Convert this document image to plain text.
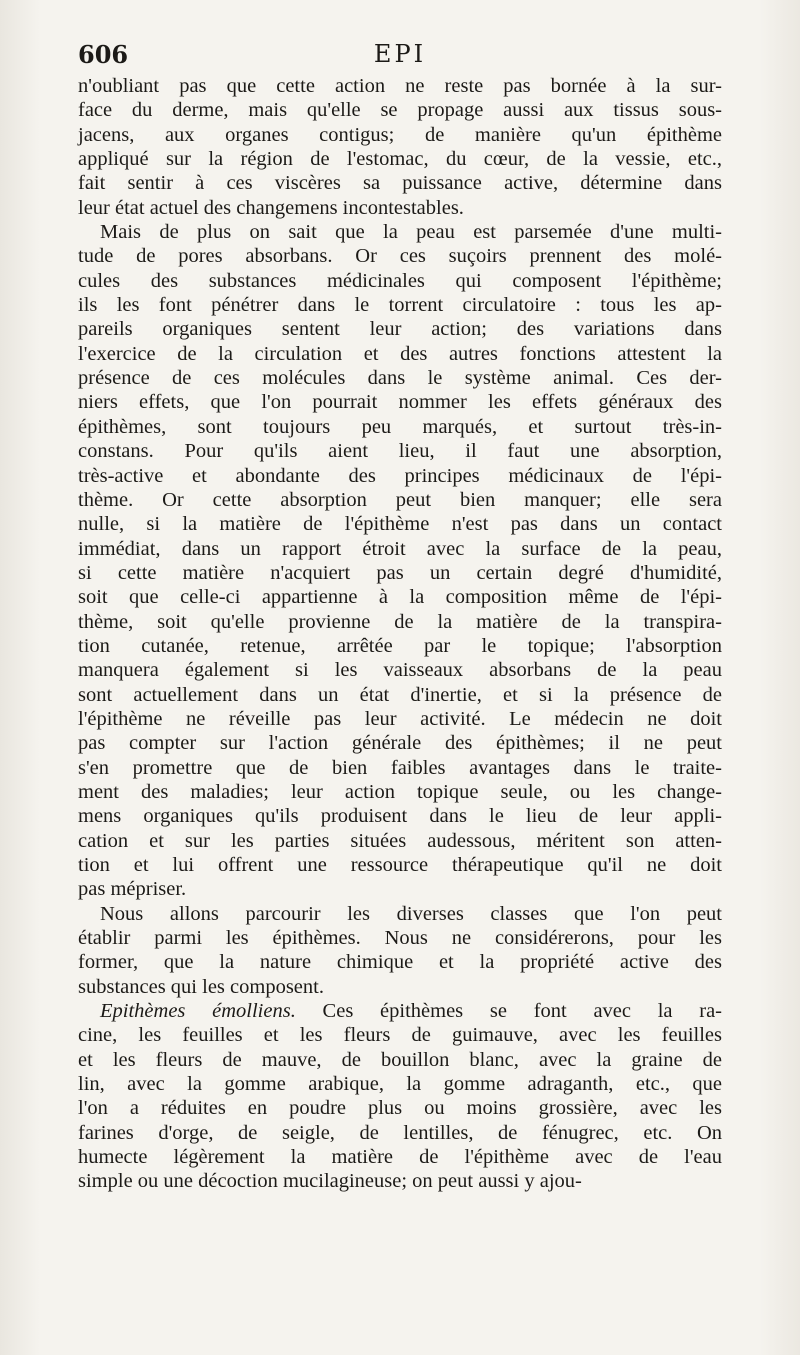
606	EPI
n'oubliant pas que cette action ne reste pas bornée à la sur-
face du derme, mais qu'elle se propage aussi aux tissus sous-
jacens, aux organes contigus; de manière qu'un épithème
appliqué sur la région de l'estomac, du cœur, de la vessie, etc.,
fait sentir à ces viscères sa puissance active, détermine dans
leur état actuel des changemens incontestables.
Mais de plus on sait que la peau est parsemée d'une multi-
tude de pores absorbans. Or ces suçoirs prennent des molé-
cules des substances médicinales qui composent l'épithème;
ils les font pénétrer dans le torrent circulatoire : tous les ap-
pareils organiques sentent leur action; des variations dans
l'exercice de la circulation et des autres fonctions attestent la
présence de ces molécules dans le système animal. Ces der-
niers effets, que l'on pourrait nommer les effets généraux des
épithèmes, sont toujours peu marqués, et surtout très-in-
constans. Pour qu'ils aient lieu, il faut une absorption,
très-active et abondante des principes médicinaux de l'épi-
thème. Or cette absorption peut bien manquer; elle sera
nulle, si la matière de l'épithème n'est pas dans un contact
immédiat, dans un rapport étroit avec la surface de la peau,
si cette matière n'acquiert pas un certain degré d'humidité,
soit que celle-ci appartienne à la composition même de l'épi-
thème, soit qu'elle provienne de la matière de la transpira-
tion cutanée, retenue, arrêtée par le topique; l'absorption
manquera également si les vaisseaux absorbans de la peau
sont actuellement dans un état d'inertie, et si la présence de
l'épithème ne réveille pas leur activité. Le médecin ne doit
pas compter sur l'action générale des épithèmes; il ne peut
s'en promettre que de bien faibles avantages dans le traite-
ment des maladies; leur action topique seule, ou les change-
mens organiques qu'ils produisent dans le lieu de leur appli-
cation et sur les parties situées audessous, méritent son atten-
tion et lui offrent une ressource thérapeutique qu'il ne doit
pas mépriser.
Nous allons parcourir les diverses classes que l'on peut
établir parmi les épithèmes. Nous ne considérerons, pour les
former, que la nature chimique et la propriété active des
substances qui les composent.
Epithèmes émolliens. Ces épithèmes se font avec la ra-
cine, les feuilles et les fleurs de guimauve, avec les feuilles
et les fleurs de mauve, de bouillon blanc, avec la graine de
lin, avec la gomme arabique, la gomme adraganth, etc., que
l'on a réduites en poudre plus ou moins grossière, avec les
farines d'orge, de seigle, de lentilles, de fénugrec, etc. On
humecte légèrement la matière de l'épithème avec de l'eau
simple ou une décoction mucilagineuse; on peut aussi y ajou-
